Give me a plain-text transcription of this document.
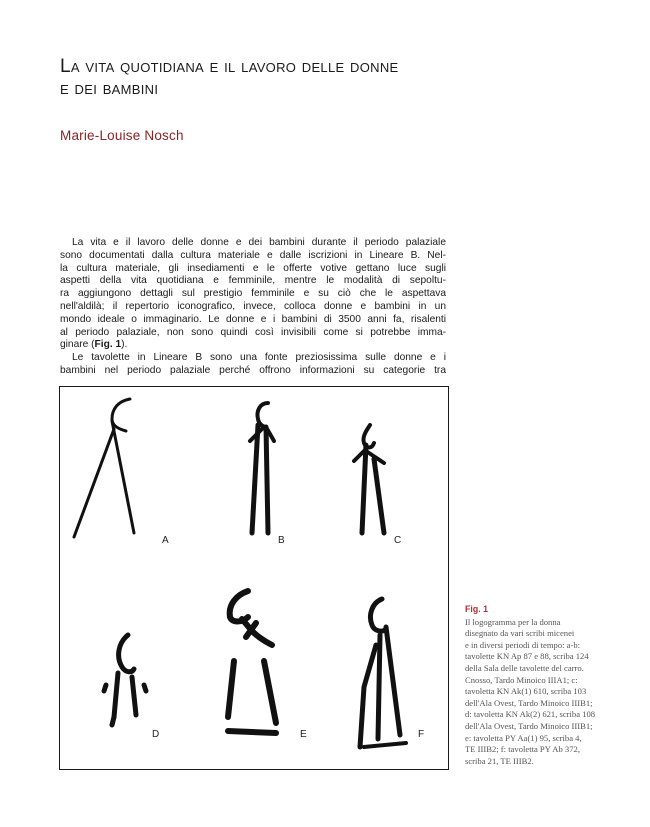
La vita quotidiana e il lavoro delle donne
e dei bambini
Marie-Louise Nosch
La vita e il lavoro delle donne e dei bambini durante il periodo palaziale
sono documentati dalla cultura materiale e dalle iscrizioni in Lineare B. Nel-
la cultura materiale, gli insediamenti e le offerte votive gettano luce sugli
aspetti della vita quotidiana e femminile, mentre le modalità di sepoltu-
ra aggiungono dettagli sul prestigio femminile e su ciò che le aspettava
nell'aldilà; il repertorio iconografico, invece, colloca donne e bambini in un
mondo ideale o immaginario. Le donne e i bambini di 3500 anni fa, risalenti
al periodo palaziale, non sono quindi così invisibili come si potrebbe imma-
ginare (Fig. 1).
Le tavolette in Lineare B sono una fonte preziosissima sulle donne e i
bambini nel periodo palaziale perché offrono informazioni su categorie tra
A	B	C
D	E	F
Fig. 1
Il logogramma per la donna
disegnato da vari scribi micenei
e in diversi periodi di tempo: a-b:
tavolette KN Ap 87 e 88, scriba 124
della Sala delle tavolette del carro.
Cnosso, Tardo Minoico IIIA1; c:
tavoletta KN Ak(1) 610, scriba 103
dell'Ala Ovest, Tardo Minoico IIIB1;
d: tavoletta KN Ak(2) 621, scriba 108
dell'Ala Ovest, Tardo Minoico IIIB1;
e: tavoletta PY Aa(1) 95, scriba 4,
TE IIIB2; f: tavoletta PY Ab 372,
scriba 21, TE IIIB2.
